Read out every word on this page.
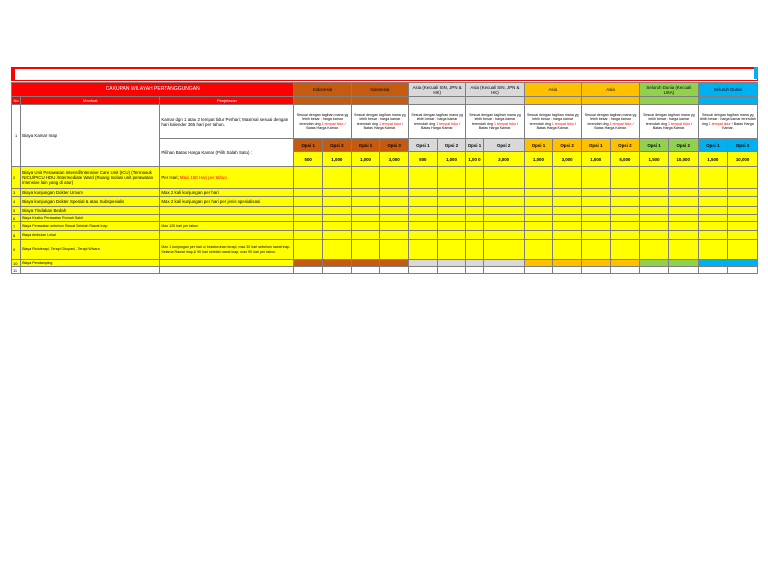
CAKUPAN WILAYAH PERTANGGUNGAN			Indonesia		Indonesia		Asia (Kecuali SIN, JPN & HK)		Asia (Kecuali SIN, JPN & HK)		Asia		Asia		Seluruh Dunia (Kecuali USA)		Seluruh Dunia	
No	Manfaat	Penjelasan																
1	Biaya Kamar Inap	Kamar dgn 1 atau 2 tempat tidur Perhari; Maximal sesuai dengan hari kalender 365 hari per tahun.	Sesuai dengan tagihan mana yg lebih besar : harga kamar terendah dng 1 tempat tidur / Batas Harga Kamar.		Sesuai dengan tagihan mana yg lebih besar : harga kamar terendah dng 1 tempat tidur / Batas Harga Kamar.		Sesuai dengan tagihan mana yg lebih besar : harga kamar terendah dng 1 tempat tidur / Batas Harga Kamar.		Sesuai dengan tagihan mana yg lebih besar : harga kamar terendah dng 1 tempat tidur / Batas Harga Kamar.		Sesuai dengan tagihan mana yg lebih besar : harga kamar terendah dng 1 tempat tidur / Batas Harga Kamar.		Sesuai dengan tagihan mana yg lebih besar : harga kamar terendah dng 1 tempat tidur / Batas Harga Kamar.		Sesuai dengan tagihan mana yg lebih besar : harga kamar terendah dng 1 tempat tidur / Batas Harga Kamar.		Sesuai dengan tagihan mana yg lebih besar : harga kamar terendah dng 1 tempat tidur / Batas Harga Kamar.	
		Pilihan Batas Harga Kamar (Pilih Salah Satu) :	Opsi 1	Opsi 2	Opsi 1	Opsi 3	Opsi 1	Opsi 2	Opsi 1	Opsi 2	Opsi 1	Opsi 2	Opsi 1	Opsi 2	Opsi 1	Opsi 2	Opsi 1	Opsi 2
			500	1,000	1,000	3,000	500	1,000	1,00 0	3,000	1,000	3,000	1,500	5,000	1,500	10,000	1,500	10,000
2	Biaya Unit Perawatan Intensif/Intensive Care Unit (ICU) (Termasuk NICU/PICU HDU /Intermediate Ward (Ruang Isolasi unit perawatan intensive lain yang di atur)	Per Hari; Maxi 150 Hari per tahun																
3	Biaya kunjungan Dokter Umum	Max 2 kali kunjungan per hari																
4	Biaya kunjungan Dokter Spesial & atau Subspesialis	Max 2 kali kunjungan per hari per jenis spesialisasi																
5	Biaya Tindakan Bedah																	
6	Biaya Kesiko Perawatan Rumah Sakit																	
7	Biaya Perawatan sebelum Rawat Setelah Rawat Inap	Max 120 hari per tahun																
8	Biaya Ambulan Lokal																	
9	Biaya Fisioterapi, Terapi Okupasi , Terapi Wicara	Max 1 kunjungan per hari u/ keseluruhan terapi, max 30 hari sebelum rawat inap. Selama Rawat Inap,& 90 hari setelah rawat inap; max 90 hari per tahun.																
10	Biaya Pendamping																	
11																		
